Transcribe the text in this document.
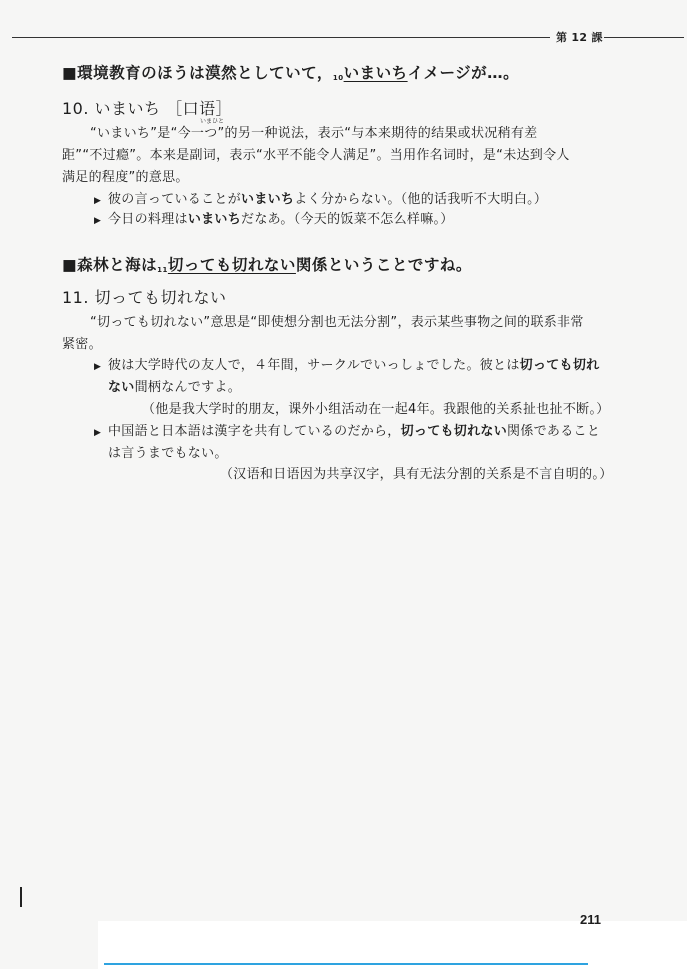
第 12 課
■環境教育のほうは漠然としていて，$_{10}$いまいちイメージが…。
10. いまいち ［口语］
いまひと
“いまいち”是“今一つ”的另一种说法，表示“与本来期待的结果或状况稍有差
距”“不过瘾”。本来是副词，表示“水平不能令人满足”。当用作名词时，是“未达到令人
满足的程度”的意思。
▶ 彼の言っていることがいまいちよく分からない。（他的话我听不大明白。）
▶ 今日の料理はいまいちだなあ。（今天的饭菜不怎么样嘛。）
■森林と海は$_{11}$切っても切れない関係ということですね。
11. 切っても切れない
“切っても切れない”意思是“即使想分割也无法分割”，表示某些事物之间的联系非常
紧密。
▶ 彼は大学時代の友人で，４年間，サークルでいっしょでした。彼とは切っても切れ
ない間柄なんですよ。
（他是我大学时的朋友，课外小组活动在一起4年。我跟他的关系扯也扯不断。）
▶ 中国語と日本語は漢字を共有しているのだから，切っても切れない関係であること
は言うまでもない。
（汉语和日语因为共享汉字，具有无法分割的关系是不言自明的。）
211
